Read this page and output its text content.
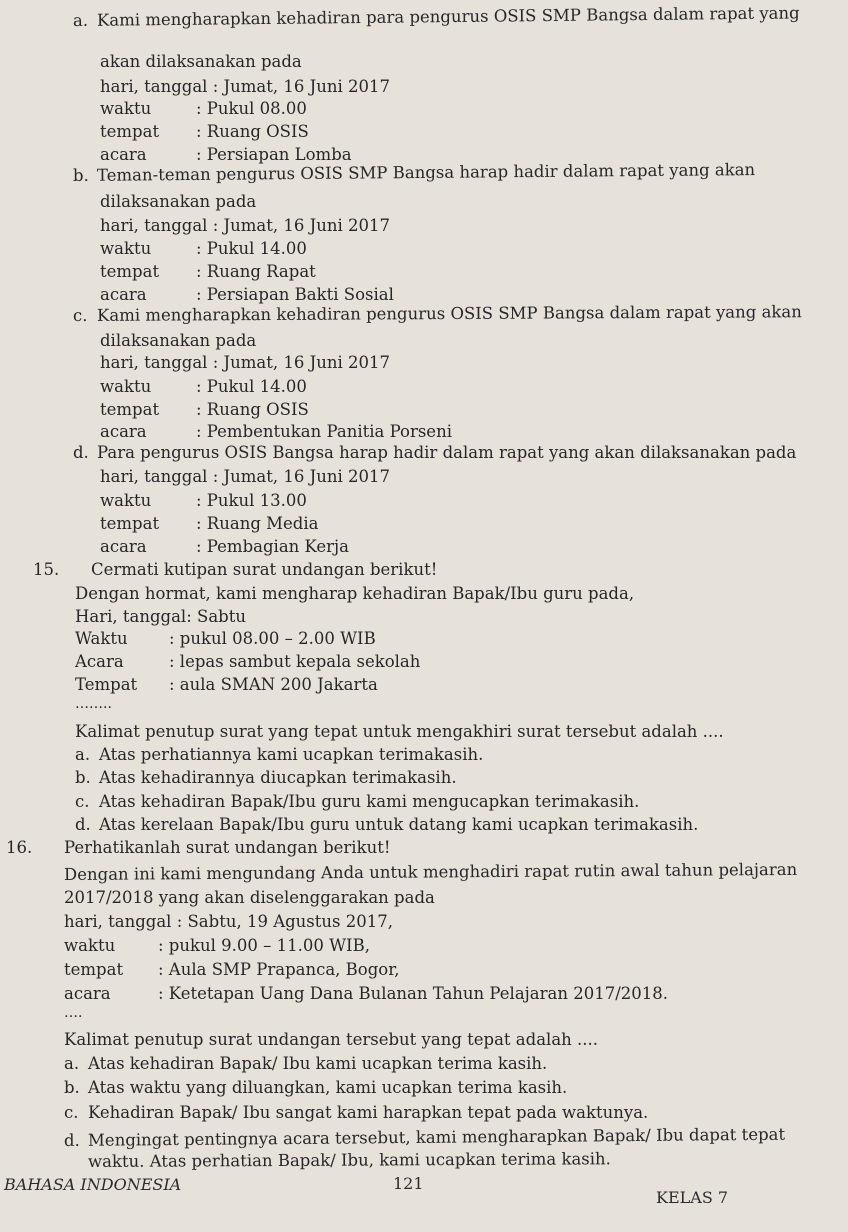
a. Kami mengharapkan kehadiran para pengurus OSIS SMP Bangsa dalam rapat yang
akan dilaksanakan pada
hari, tanggal : Jumat, 16 Juni 2017
waktu	: Pukul 08.00
tempat : Ruang OSIS
acara	: Persiapan Lomba
b. Teman-teman pengurus OSIS SMP Bangsa harap hadir dalam rapat yang akan
dilaksanakan pada
hari, tanggal : Jumat, 16 Juni 2017
waktu	: Pukul 14.00
tempat : Ruang Rapat
acara	: Persiapan Bakti Sosial
c. Kami mengharapkan kehadiran pengurus OSIS SMP Bangsa dalam rapat yang akan
dilaksanakan pada
hari, tanggal : Jumat, 16 Juni 2017
waktu	: Pukul 14.00
tempat : Ruang OSIS
acara	: Pembentukan Panitia Porseni
d. Para pengurus OSIS Bangsa harap hadir dalam rapat yang akan dilaksanakan pada
hari, tanggal : Jumat, 16 Juni 2017
waktu	: Pukul 13.00
tempat : Ruang Media
acara	: Pembagian Kerja
15. Cermati kutipan surat undangan berikut!
Dengan hormat, kami mengharap kehadiran Bapak/Ibu guru pada,
Hari, tanggal: Sabtu
Waktu	: pukul 08.00 – 2.00 WIB
Acara	: lepas sambut kepala sekolah
Tempat : aula SMAN 200 Jakarta
……..
Kalimat penutup surat yang tepat untuk mengakhiri surat tersebut adalah ....
a. Atas perhatiannya kami ucapkan terimakasih.
b. Atas kehadirannya diucapkan terimakasih.
c. Atas kehadiran Bapak/Ibu guru kami mengucapkan terimakasih.
d. Atas kerelaan Bapak/Ibu guru untuk datang kami ucapkan terimakasih.
16. Perhatikanlah surat undangan berikut!
Dengan ini kami mengundang Anda untuk menghadiri rapat rutin awal tahun pelajaran
2017/2018 yang akan diselenggarakan pada
hari, tanggal : Sabtu, 19 Agustus 2017,
waktu	: pukul 9.00 – 11.00 WIB,
tempat : Aula SMP Prapanca, Bogor,
acara	: Ketetapan Uang Dana Bulanan Tahun Pelajaran 2017/2018.
….
Kalimat penutup surat undangan tersebut yang tepat adalah ....
a. Atas kehadiran Bapak/ Ibu kami ucapkan terima kasih.
b. Atas waktu yang diluangkan, kami ucapkan terima kasih.
c. Kehadiran Bapak/ Ibu sangat kami harapkan tepat pada waktunya.
d. Mengingat pentingnya acara tersebut, kami mengharapkan Bapak/ Ibu dapat tepat
waktu. Atas perhatian Bapak/ Ibu, kami ucapkan terima kasih.
BAHASA INDONESIA	121
KELAS 7
